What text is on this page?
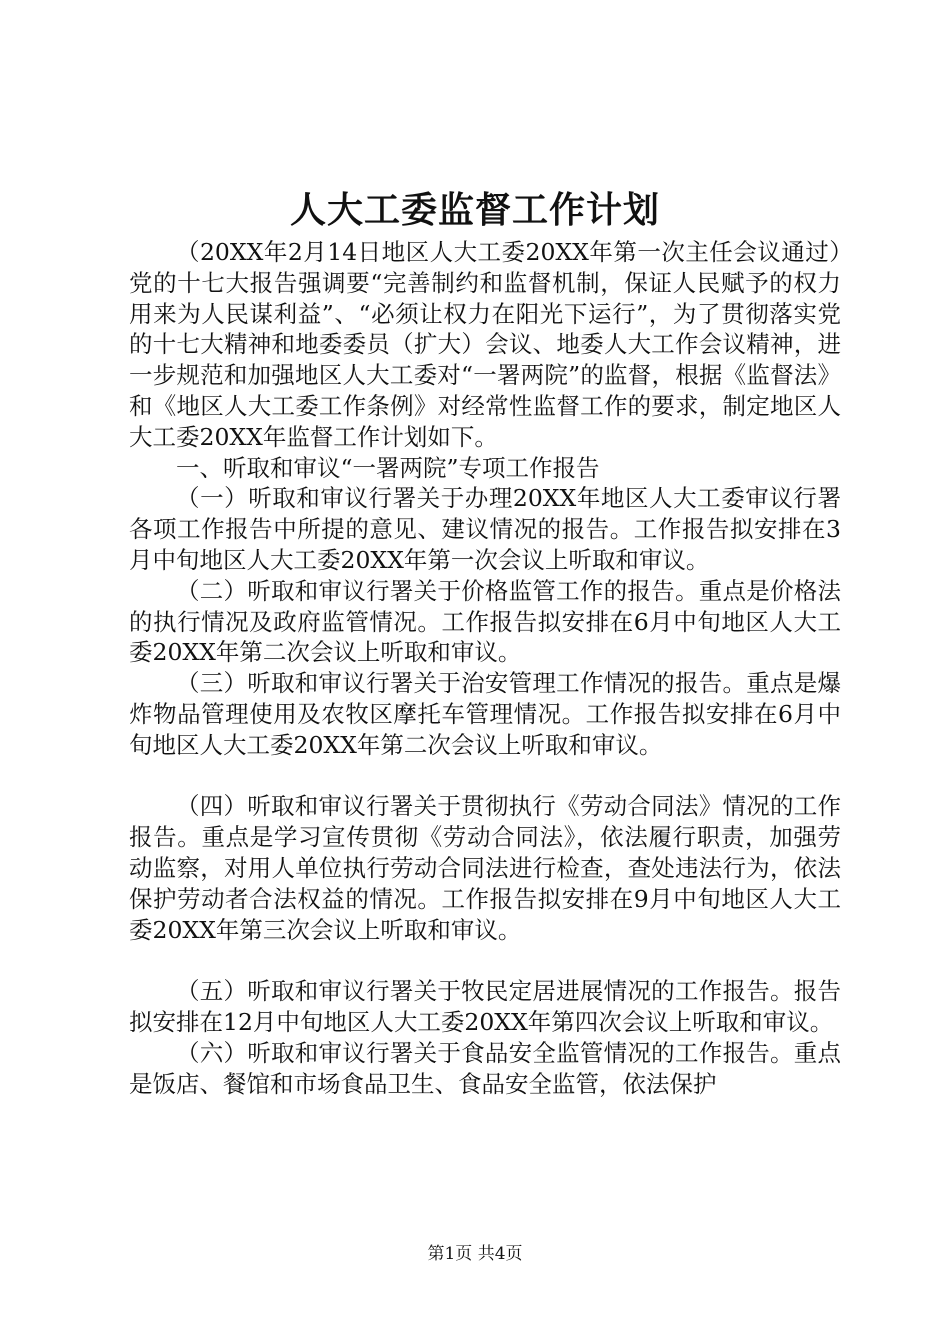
人大工委监督工作计划

（20XX年2月14日地区人大工委20XX年第一次主任会议通过）党的十七大报告强调要“完善制约和监督机制，保证人民赋予的权力用来为人民谋利益”、“必须让权力在阳光下运行”，为了贯彻落实党的十七大精神和地委委员（扩大）会议、地委人大工作会议精神，进一步规范和加强地区人大工委对“一署两院”的监督，根据《监督法》和《地区人大工委工作条例》对经常性监督工作的要求，制定地区人大工委20XX年监督工作计划如下。

一、听取和审议“一署两院”专项工作报告

（一）听取和审议行署关于办理20XX年地区人大工委审议行署各项工作报告中所提的意见、建议情况的报告。工作报告拟安排在3月中旬地区人大工委20XX年第一次会议上听取和审议。

（二）听取和审议行署关于价格监管工作的报告。重点是价格法的执行情况及政府监管情况。工作报告拟安排在6月中旬地区人大工委20XX年第二次会议上听取和审议。

（三）听取和审议行署关于治安管理工作情况的报告。重点是爆炸物品管理使用及农牧区摩托车管理情况。工作报告拟安排在6月中旬地区人大工委20XX年第二次会议上听取和审议。

（四）听取和审议行署关于贯彻执行《劳动合同法》情况的工作报告。重点是学习宣传贯彻《劳动合同法》，依法履行职责，加强劳动监察，对用人单位执行劳动合同法进行检查，查处违法行为，依法保护劳动者合法权益的情况。工作报告拟安排在9月中旬地区人大工委20XX年第三次会议上听取和审议。

（五）听取和审议行署关于牧民定居进展情况的工作报告。报告拟安排在12月中旬地区人大工委20XX年第四次会议上听取和审议。

（六）听取和审议行署关于食品安全监管情况的工作报告。重点是饭店、餐馆和市场食品卫生、食品安全监管，依法保护

第1页 共4页
